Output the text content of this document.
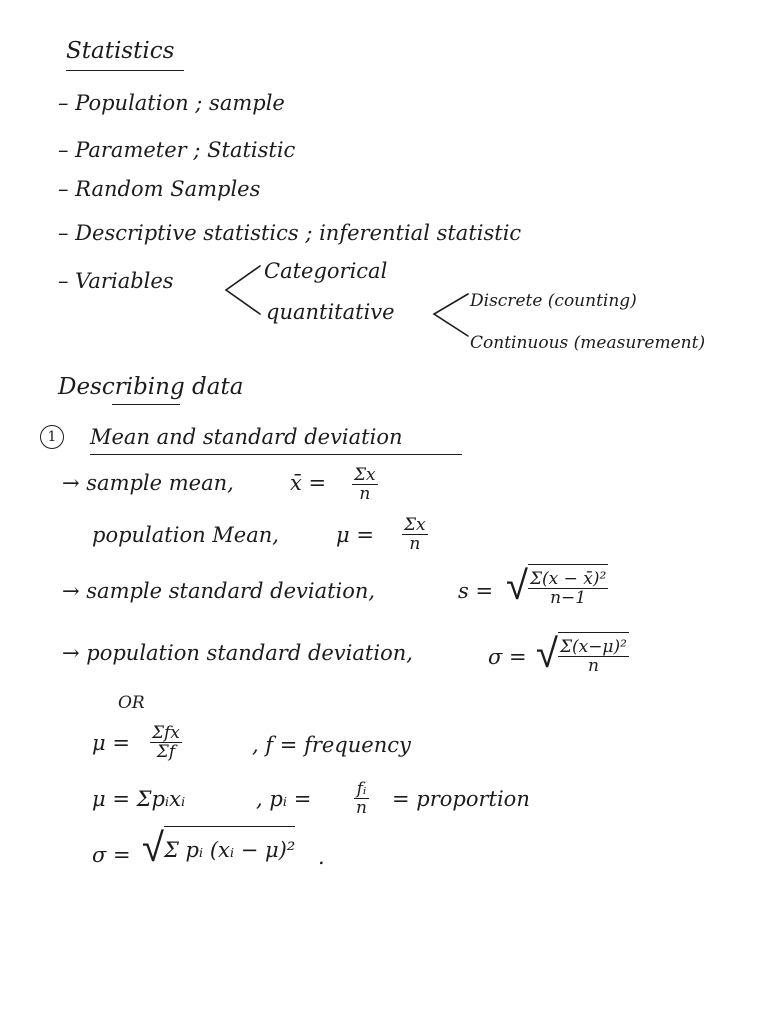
Statistics
– Population ; sample
– Parameter ; Statistic
– Random Samples
– Descriptive statistics ; inferential statistic
– Variables	Categorical
quantitative	Discrete (counting)
Continuous (measurement)
Describing data
1	Mean and standard deviation
→ sample mean,	x̄ = $\frac{\Sigma x}{n}$
population Mean,	$\mu = \frac{\Sigma x}{n}$
→ sample standard deviation,	s = √ $\frac{\text{Σ(x − x̄)²}}{n-1}$
→ population standard deviation,	σ = √ $\frac{\text{Σ(x−μ)²}}{n}$
OR
μ = Σfx
Σf	, f = frequency
μ = Σpᵢxᵢ	, pᵢ =	$\frac{\text{fᵢ}}{n}$ = proportion
σ = √ Σ pᵢ (xᵢ − μ)² .
